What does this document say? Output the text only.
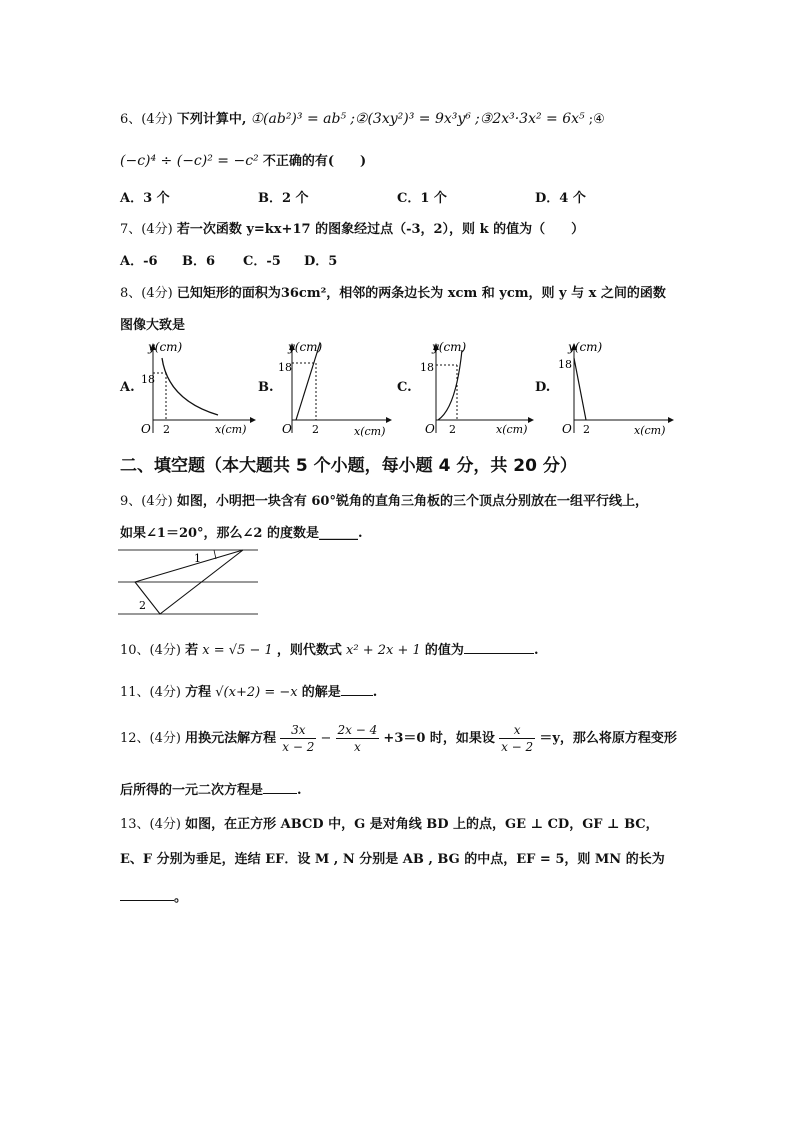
6、(4分) 下列计算中, ①(ab²)³ = ab⁵ ;②(3xy²)³ = 9x³y⁶ ;③2x³·3x² = 6x⁵ ;④
(−c)⁴ ÷ (−c)² = −c² 不正确的有(　　)
A．3 个	B．2 个	C．1 个	D．4 个
7、(4分) 若一次函数 y=kx+17 的图象经过点（-3，2），则 k 的值为（　　）
A．-6 B．6 C．-5 D．5
8、(4分) 已知矩形的面积为36cm²，相邻的两条边长为 xcm 和 ycm，则 y 与 x 之间的函数
图像大致是
A.	B.	C.	D.
y(cm)
18
O 2	x(cm)
y(cm)
18
O 2	x(cm)
y(cm)
18
O 2	x(cm)
y(cm)
18
O 2	x(cm)
二、填空题（本大题共 5 个小题，每小题 4 分，共 20 分）
9、(4分) 如图，小明把一块含有 60°锐角的直角三角板的三个顶点分别放在一组平行线上，
如果∠1＝20°，那么∠2 的度数是______.
1
2
10、(4分) 若 x = √5 − 1 ，则代数式 x² + 2x + 1 的值为	.
11、(4分) 方程 √(x+2) = −x 的解是 .
12、(4分) 用换元法解方程 $\frac{3x}{x - 2} - \frac{2x - 4}{x} +3=0$ 时，如果设 $\frac{x}{x - 2} =y$，那么将原方程变形
后所得的一元二次方程是	.
13、(4分) 如图，在正方形 ABCD 中，G 是对角线 BD 上的点，GE ⊥ CD，GF ⊥ BC，
E、F 分别为垂足，连结 EF．设 M , N 分别是 AB , BG 的中点，EF = 5，则 MN 的长为
。
